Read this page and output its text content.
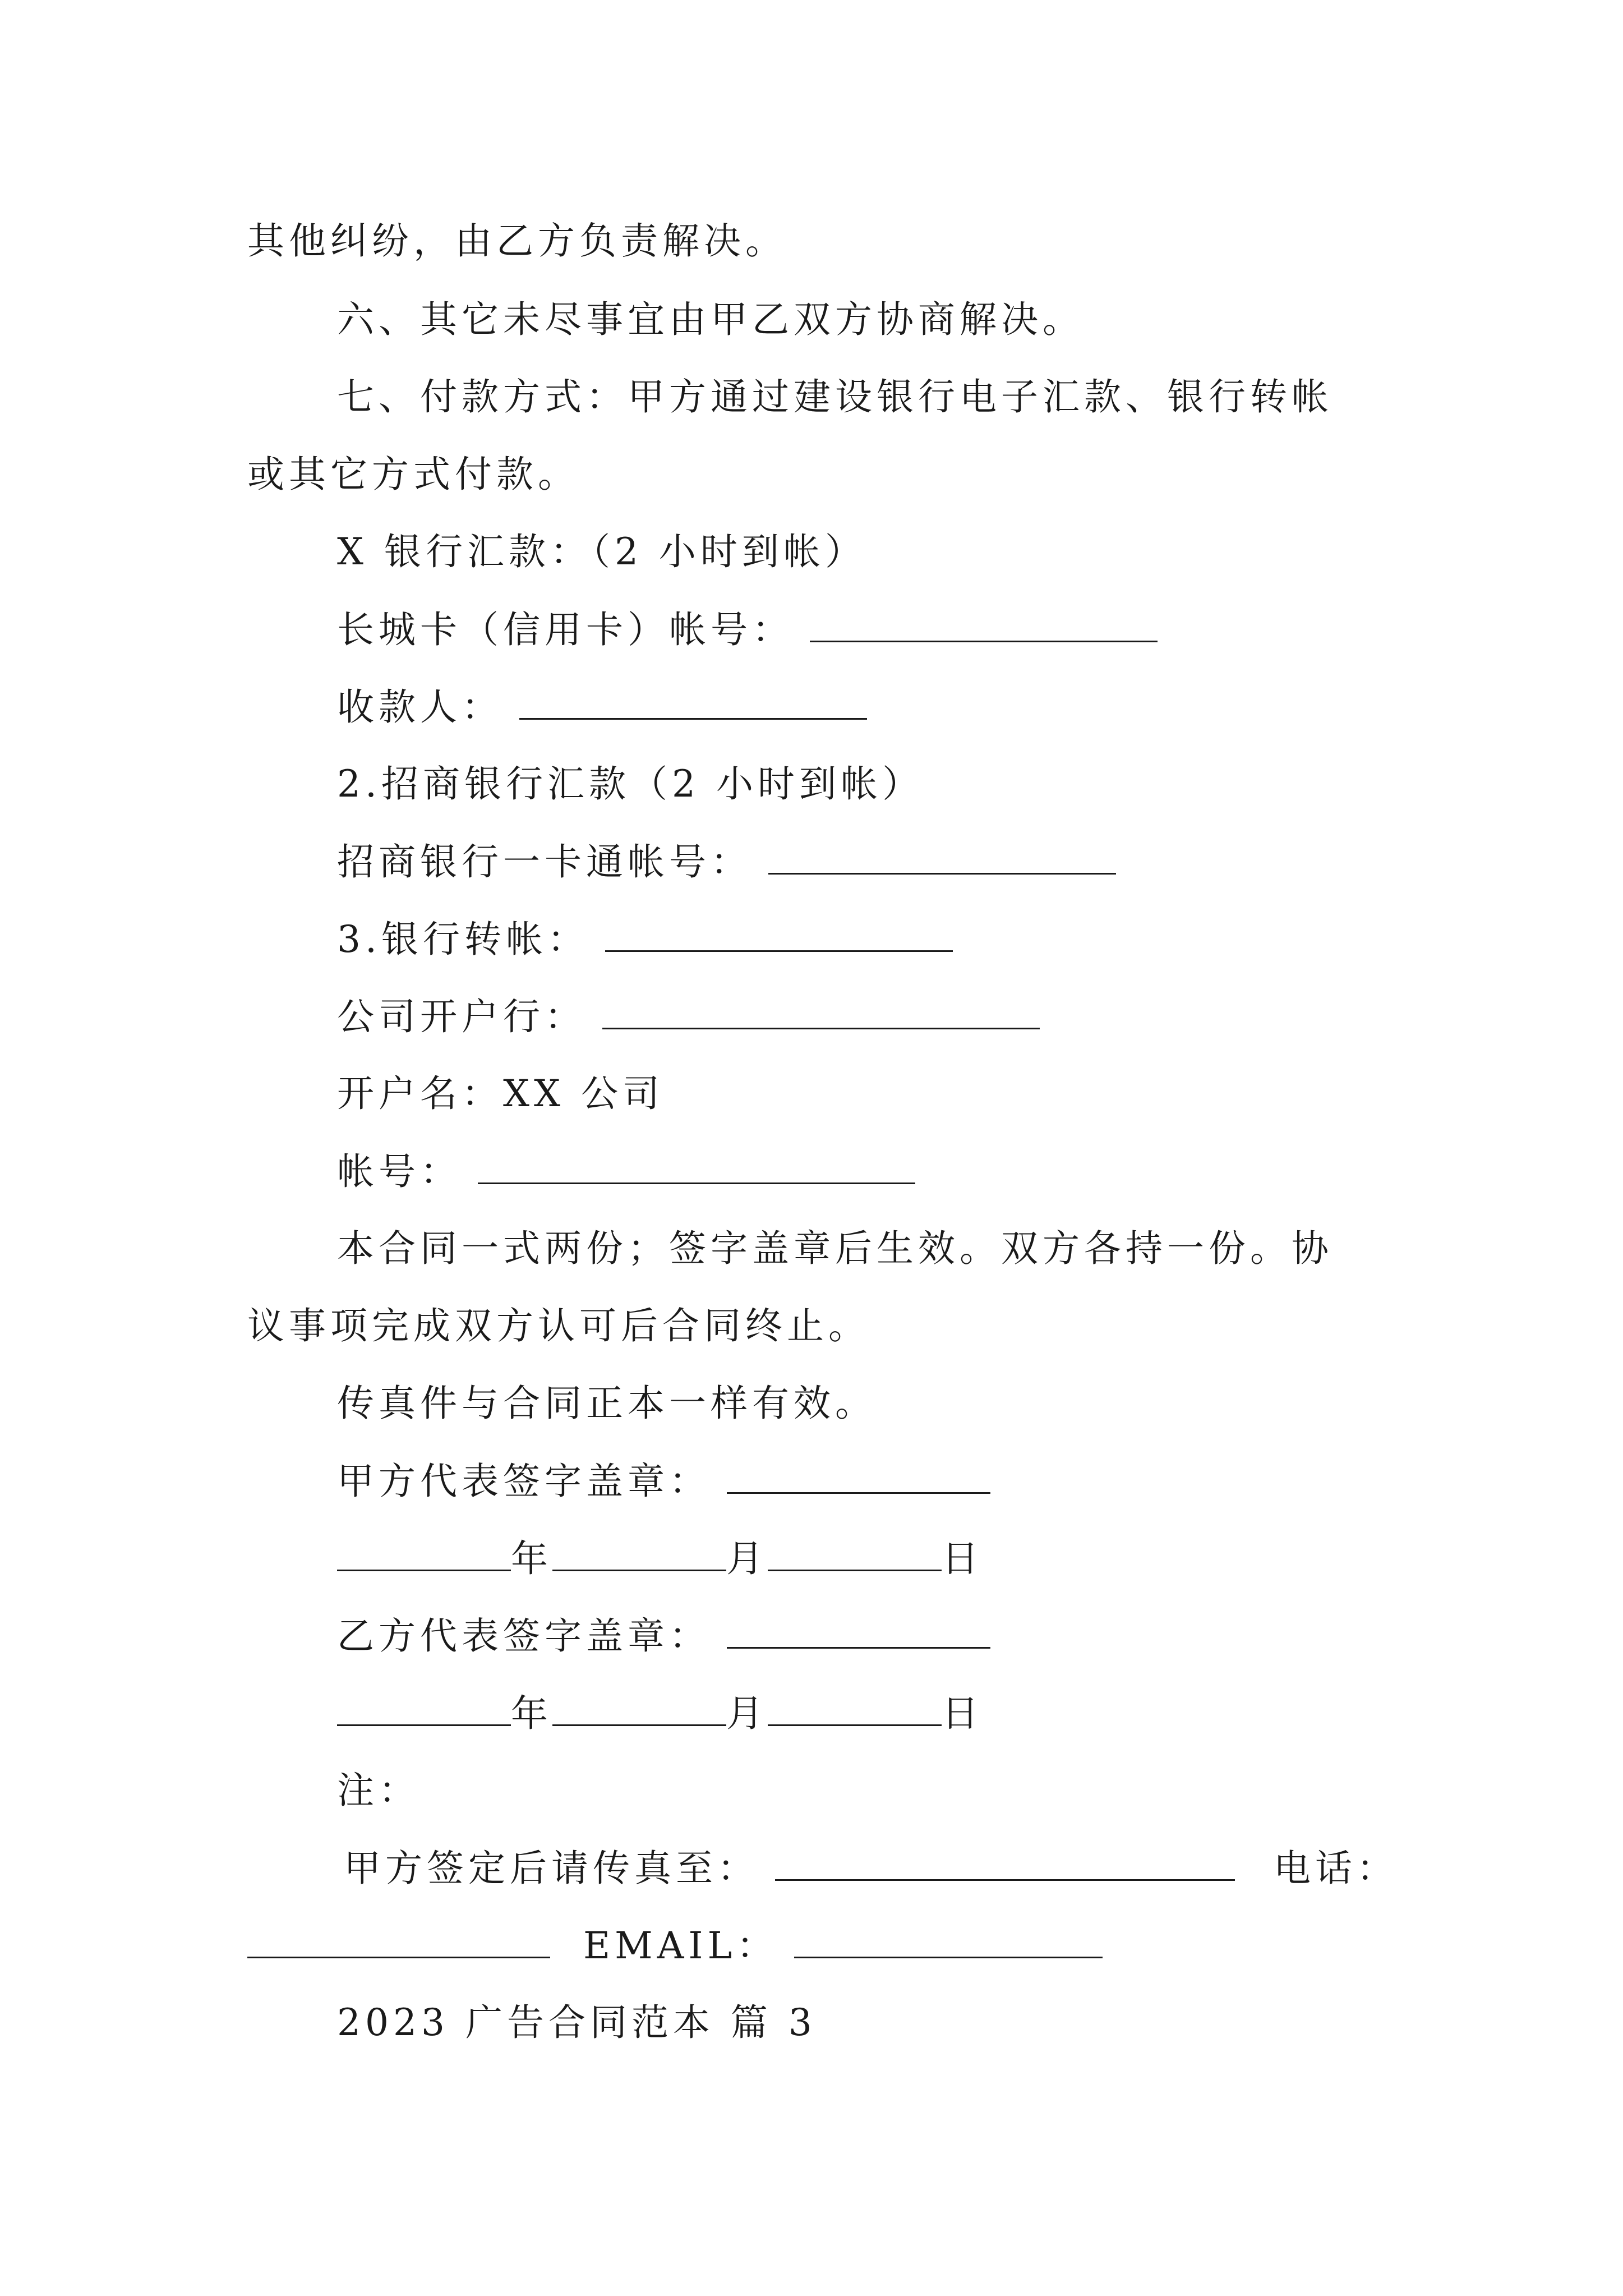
其他纠纷，由乙方负责解决。
六、其它未尽事宜由甲乙双方协商解决。
七、付款方式：甲方通过建设银行电子汇款、银行转帐
或其它方式付款。
X 银行汇款：（2 小时到帐）
长城卡（信用卡）帐号：
收款人：
2.招商银行汇款（2 小时到帐）
招商银行一卡通帐号：
3.银行转帐：
公司开户行：
开户名：XX 公司
帐号：
本合同一式两份；签字盖章后生效。双方各持一份。协
议事项完成双方认可后合同终止。
传真件与合同正本一样有效。
甲方代表签字盖章：
年	月	日
乙方代表签字盖章：
年	月	日
注：
甲方签定后请传真至：	电话：
EMAIL：
2023 广告合同范本 篇 3
